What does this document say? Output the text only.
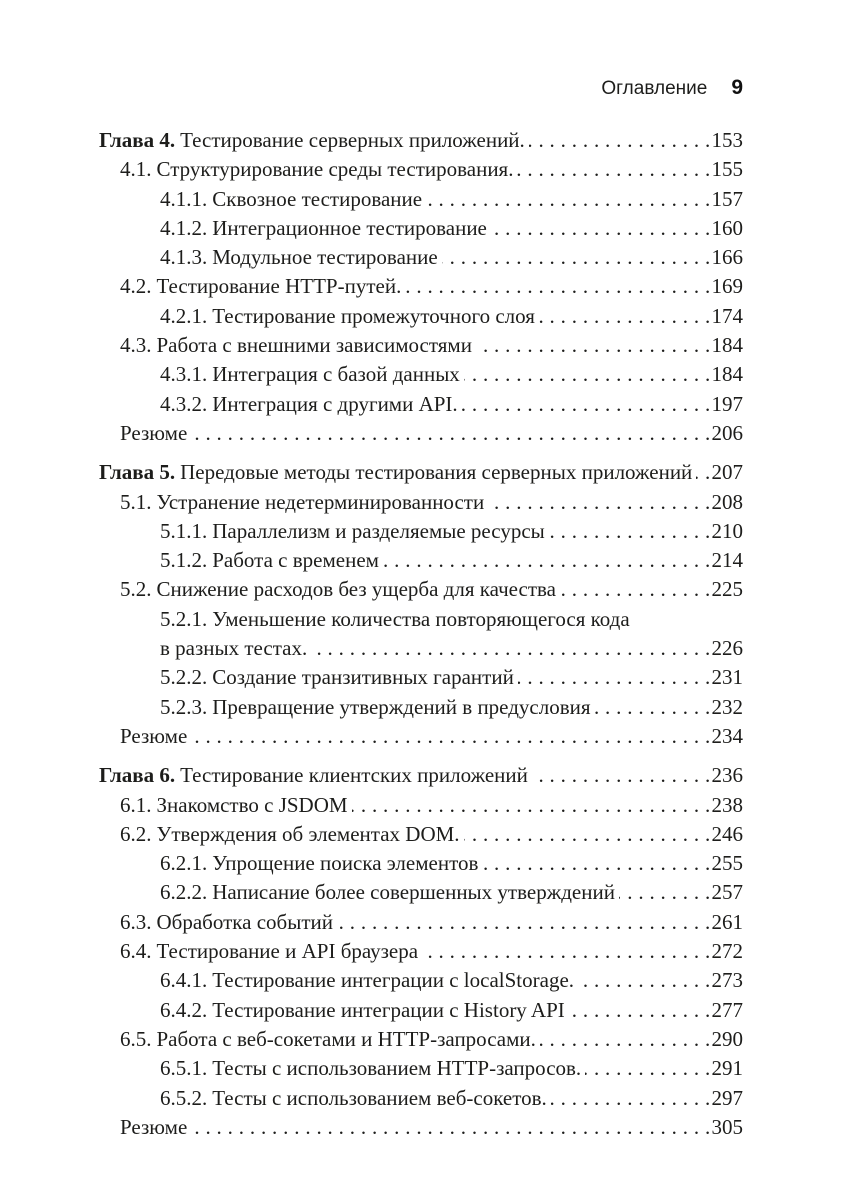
Оглавление 9
Глава 4. Тестирование серверных приложений. . . .	153
4.1. Структурирование среды тестирования. . . .	155
4.1.1. Сквозное тестирование . . .	157
4.1.2. Интеграционное тестирование . . .	160
4.1.3. Модульное тестирование . . .	166
4.2. Тестирование HTTP-путей. . . .	169
4.2.1. Тестирование промежуточного слоя . . .	174
4.3. Работа с внешними зависимостями . . .	184
4.3.1. Интеграция с базой данных . . .	184
4.3.2. Интеграция с другими API. . . .	197
Резюме . . .	206
Глава 5. Передовые методы тестирования серверных приложений . . . 207
5.1. Устранение недетерминированности . . .	208
5.1.1. Параллелизм и разделяемые ресурсы . . .	210
5.1.2. Работа с временем . . .	214
5.2. Снижение расходов без ущерба для качества . . .	225
5.2.1. Уменьшение количества повторяющегося кода
в разных тестах. . . .	226
5.2.2. Создание транзитивных гарантий . . .	231
5.2.3. Превращение утверждений в предусловия . . .	232
Резюме . . .	234
Глава 6. Тестирование клиентских приложений . . .	236
6.1. Знакомство с JSDOM . . .	238
6.2. Утверждения об элементах DOM. . . .	246
6.2.1. Упрощение поиска элементов . . .	255
6.2.2. Написание более совершенных утверждений . . .	257
6.3. Обработка событий . . .	261
6.4. Тестирование и API браузера . . .	272
6.4.1. Тестирование интеграции с localStorage. . . .	273
6.4.2. Тестирование интеграции с History API . . .	277
6.5. Работа с веб-сокетами и HTTP-запросами. . . .	290
6.5.1. Тесты с использованием HTTP-запросов. . . .	291
6.5.2. Тесты с использованием веб-сокетов. . . .	297
Резюме . . .	305
